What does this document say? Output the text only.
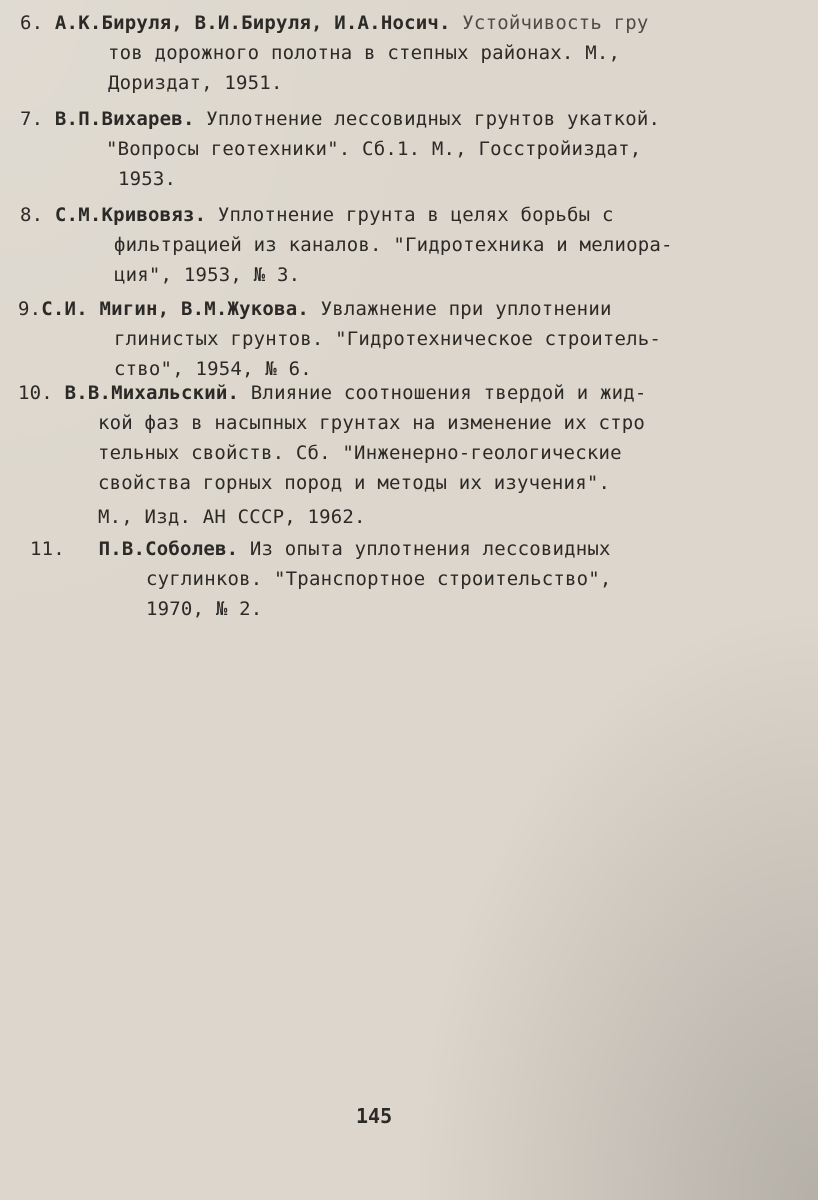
6. А.К.Бируля, В.И.Бируля, И.А.Носич. Устойчивость гру
тов дорожного полотна в степных районах. М.,
Дориздат, 1951.
7. В.П.Вихарев. Уплотнение лессовидных грунтов укаткой.
"Вопросы геотехники". Сб.1. М., Госстройиздат,
1953.
8. С.М.Кривовяз. Уплотнение грунта в целях борьбы с
фильтрацией из каналов. "Гидротехника и мелиора-
ция", 1953, № 3.
9.С.И. Мигин, В.М.Жукова. Увлажнение при уплотнении
глинистых грунтов. "Гидротехническое строитель-
ство", 1954, № 6.
10. В.В.Михальский. Влияние соотношения твердой и жид-
кой фаз в насыпных грунтах на изменение их стро
тельных свойств. Сб. "Инженерно-геологические
свойства горных пород и методы их изучения".
М., Изд. АН СССР, 1962.
11. П.В.Соболев. Из опыта уплотнения лессовидных
суглинков. "Транспортное строительство",
1970, № 2.
145
